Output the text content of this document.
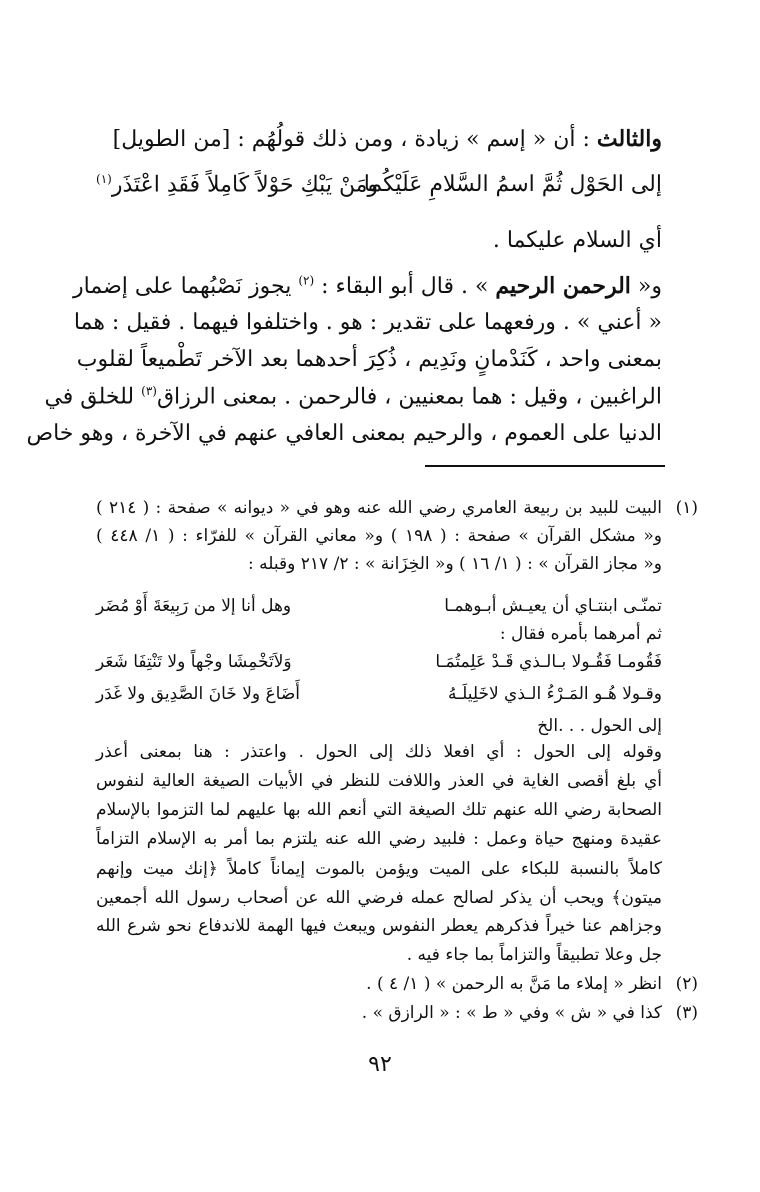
والثالث : أن « إسم » زيادة ، ومن ذلك قولُهُم : [من الطويل]
إلى الحَوْل ثُمَّ اسمُ السَّلامِ عَلَيْكُما
ومَنْ يَبْكِ حَوْلاً كَامِلاً فَقَدِ اعْتَذَر$^{(١)}$
أي السلام عليكما .
و« الرحمن الرحيم » . قال أبو البقاء : $^{(٢)}$ يجوز نَصْبُهما على إضمار
« أعني » . ورفعهما على تقدير : هو . واختلفوا فيهما . فقيل : هما
بمعنى واحد ، كَنَدْمانٍ ونَدِيم ، ذُكِرَ أحدهما بعد الآخر تَطْميعاً لقلوب
الراغبين ، وقيل : هما بمعنيين ، فالرحمن . بمعنى الرزاق$^{(٣)}$ للخلق في
الدنيا على العموم ، والرحيم بمعنى العافي عنهم في الآخرة ، وهو خاص
(١)
البيت للبيد بن ربيعة العامري رضي الله عنه وهو في « ديوانه » صفحة : ( ٢١٤ )
و« مشكل القرآن » صفحة : ( ١٩٨ ) و« معاني القرآن » للفرّاء : ( ١/ ٤٤٨ )
و« مجاز القرآن » : ( ١/ ١٦ ) و« الخِزَانة » : ٢/ ٢١٧ وقبله :
تمنّـى ابنتـاي أن يعيـش أبـوهمـا
وهل أنا إلا من رَبِيعَةَ أَوْ مُضَر
ثم أمرهما بأمره فقال :
فَقُومـا فَقُـولا بـالـذي قَـدْ عَلِمتُمَـا
وَلاَتَخْمِشَا وجْهاً ولا تَنْتِفَا شَعَر
وقـولا هُـو المَـرْءُ الـذي لاخَلِيلَـهُ
أَضَاعَ ولا خَانَ الصَّدِيق ولا غَدَر
إلى الحول . . .الخ
وقوله إلى الحول : أي افعلا ذلك إلى الحول . واعتذر : هنا بمعنى أعذر
أي بلغ أقصى الغاية في العذر واللافت للنظر في الأبيات الصيغة العالية لنفوس
الصحابة رضي الله عنهم تلك الصيغة التي أنعم الله بها عليهم لما التزموا بالإسلام
عقيدة ومنهج حياة وعمل : فلبيد رضي الله عنه يلتزم بما أمر به الإسلام التزاماً
كاملاً بالنسبة للبكاء على الميت ويؤمن بالموت إيماناً كاملاً ﴿إنك ميت وإنهم
ميتون﴾ ويحب أن يذكر لصالح عمله فرضي الله عن أصحاب رسول الله أجمعين
وجزاهم عنا خيراً فذكرهم يعطر النفوس ويبعث فيها الهمة للاندفاع نحو شرع الله
جل وعلا تطبيقاً والتزاماً بما جاء فيه .
(٢)
انظر « إملاء ما مَنَّ به الرحمن » ( ١/ ٤ ) .
(٣)
كذا في « ش » وفي « ط » : « الرازق » .
٩٢
